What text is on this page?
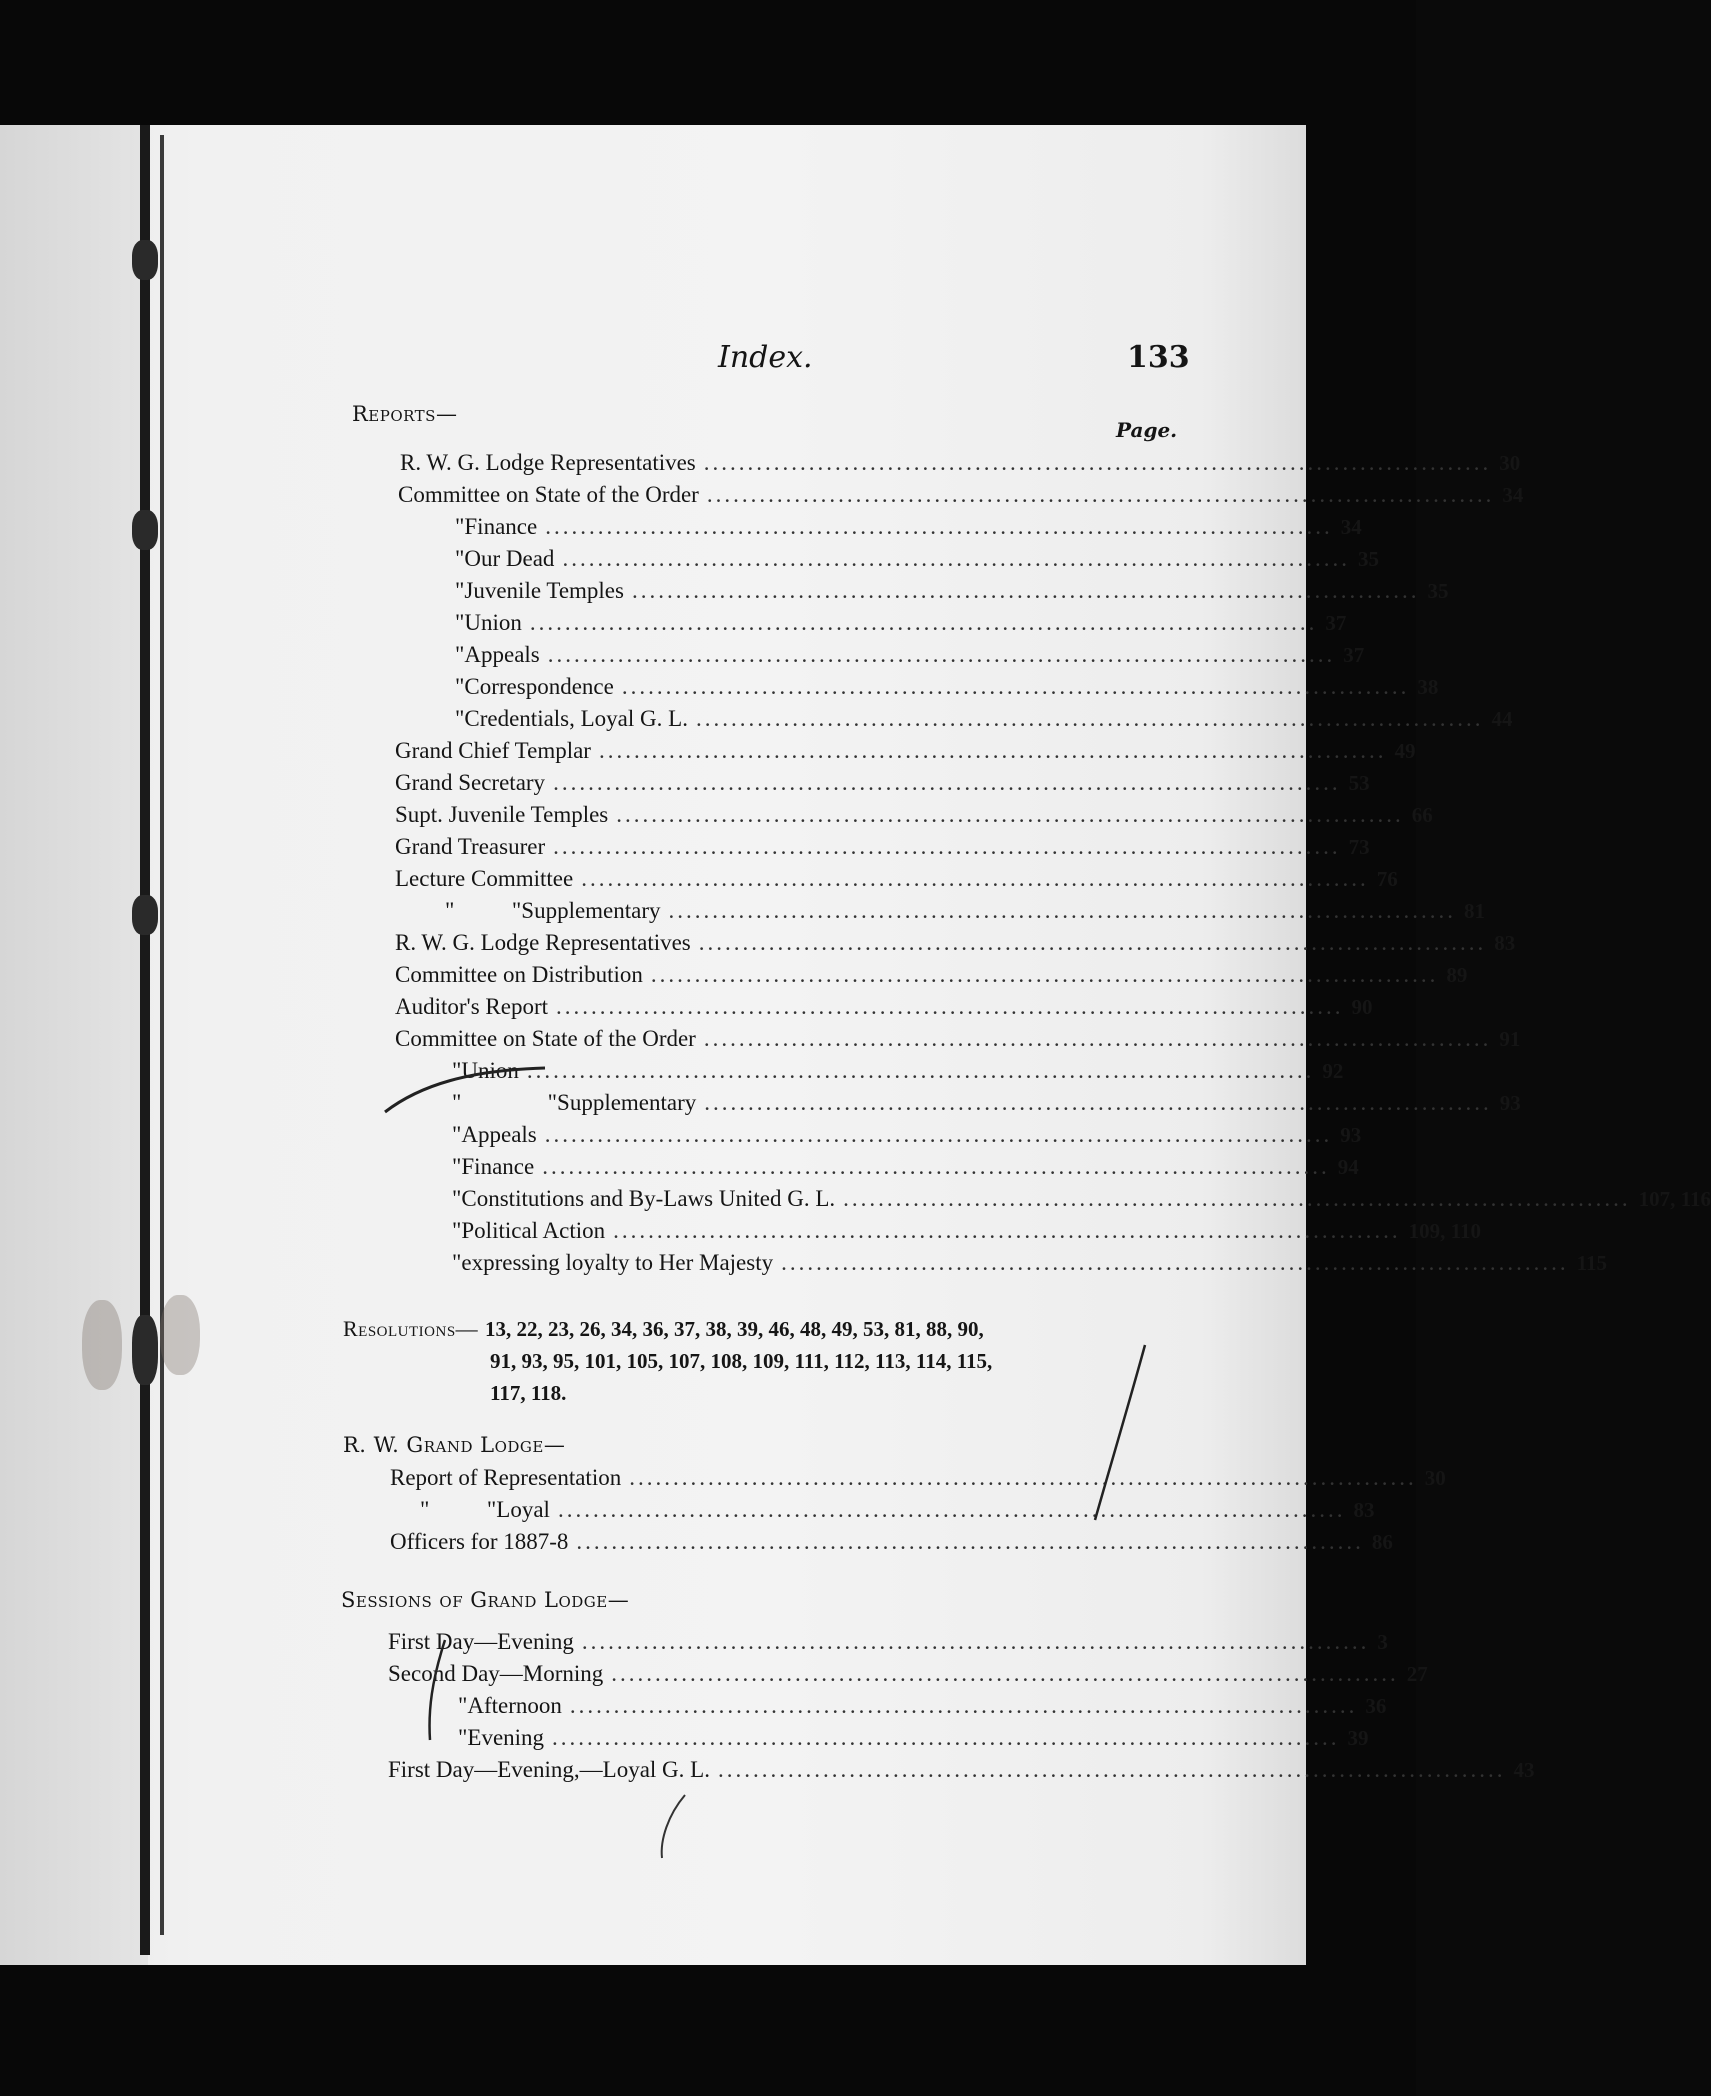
Index.	133
Reports—
Page.
R. W. G. Lodge Representatives .......................................................................................... 30
Committee on State of the Order .......................................................................................... 34
" Finance .......................................................................................... 34
" Our Dead .......................................................................................... 35
" Juvenile Temples .......................................................................................... 35
" Union .......................................................................................... 37
" Appeals .......................................................................................... 37
" Correspondence .......................................................................................... 38
" Credentials, Loyal G. L. .......................................................................................... 44
Grand Chief Templar .......................................................................................... 49
Grand Secretary .......................................................................................... 53
Supt. Juvenile Temples .......................................................................................... 66
Grand Treasurer .......................................................................................... 73
Lecture Committee .......................................................................................... 76
"          " Supplementary .......................................................................................... 81
R. W. G. Lodge Representatives .......................................................................................... 83
Committee on Distribution .......................................................................................... 89
Auditor's Report .......................................................................................... 90
Committee on State of the Order .......................................................................................... 91
" Union .......................................................................................... 92
"               " Supplementary .......................................................................................... 93
" Appeals .......................................................................................... 93
" Finance .......................................................................................... 94
" Constitutions and By-Laws United G. L. .......................................................................................... 107, 116
" Political Action .......................................................................................... 109, 110
" expressing loyalty to Her Majesty .......................................................................................... 115
Resolutions— 13, 22, 23, 26, 34, 36, 37, 38, 39, 46, 48, 49, 53, 81, 88, 90,
91, 93, 95, 101, 105, 107, 108, 109, 111, 112, 113, 114, 115,
117, 118.
R. W. Grand Lodge—
Report of Representation .......................................................................................... 30
"          " Loyal .......................................................................................... 83
Officers for 1887-8 .......................................................................................... 86
Sessions of Grand Lodge—
First Day—Evening .......................................................................................... 3
Second Day—Morning .......................................................................................... 27
" Afternoon .......................................................................................... 36
" Evening .......................................................................................... 39
First Day—Evening,—Loyal G. L. .......................................................................................... 43
